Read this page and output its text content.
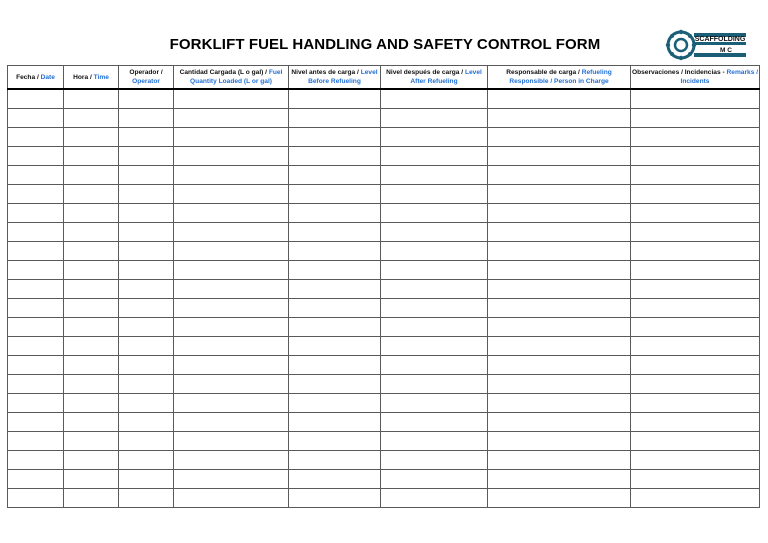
FORKLIFT FUEL HANDLING AND SAFETY CONTROL FORM	SCAFFOLDING
M C
Fecha / Date	Hora / Time	Operador / Operator	Cantidad Cargada (L o gal) / Fuel Quantity Loaded (L or gal)	Nivel antes de carga / Level Before Refueling	Nivel después de carga / Level After Refueling	Responsable de carga / Refueling Responsible / Person in Charge	Observaciones / Incidencias - Remarks / Incidents
